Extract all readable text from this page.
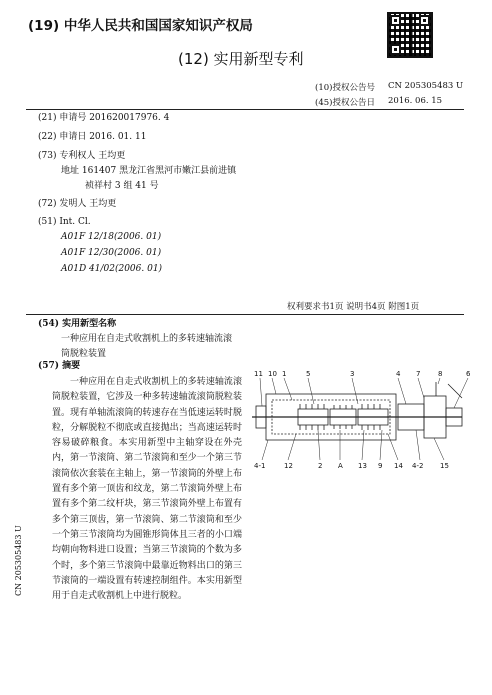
(19) 中华人民共和国国家知识产权局
(12) 实用新型专利
(10)授权公告号 CN 205305483 U
(45)授权公告日 2016. 06. 15
(21) 申请号 201620017976. 4
(22) 申请日 2016. 01. 11
(73) 专利权人 王均更
地址 161407 黑龙江省黑河市嫩江县前进镇
祯祥村 3 组 41 号
(72) 发明人 王均更
(51) Int. Cl.
A01F 12/18(2006. 01)
A01F 12/30(2006. 01)
A01D 41/02(2006. 01)
权利要求书1页 说明书4页 附图1页
(54) 实用新型名称
一种应用在自走式收割机上的多转速轴流滚
筒脱粒装置
(57) 摘要

一种应用在自走式收割机上的多转速轴流滚筒脱粒装置，它涉及一种多转速轴流滚筒脱粒装置。现有单轴流滚筒的转速存在当低速运转时脱粒，分解脱粒不彻底或直接抛出；当高速运转时容易破碎粮食。本实用新型中主轴穿设在外壳内，第一节滚筒、第二节滚筒和至少一个第三节滚筒依次套装在主轴上，第一节滚筒的外壁上布置有多个第一顶齿和纹龙，第二节滚筒外壁上布置有多个第二纹杆块，第三节滚筒外壁上布置有多个第三顶齿，第一节滚筒、第二节滚筒和至少一个第三节滚筒均为圆锥形筒体且三者的小口端均朝向物料进口设置；当第三节滚筒的个数为多个时，多个第三节滚筒中最靠近物料出口的第三节滚筒的一端设置有转速控制组件。本实用新型用于自走式收割机上中进行脱粒。

CN 205305483 U
11 10 1	5	3	4 7	8	6
4-1	12	2 A 13 9 14 4-2 15
